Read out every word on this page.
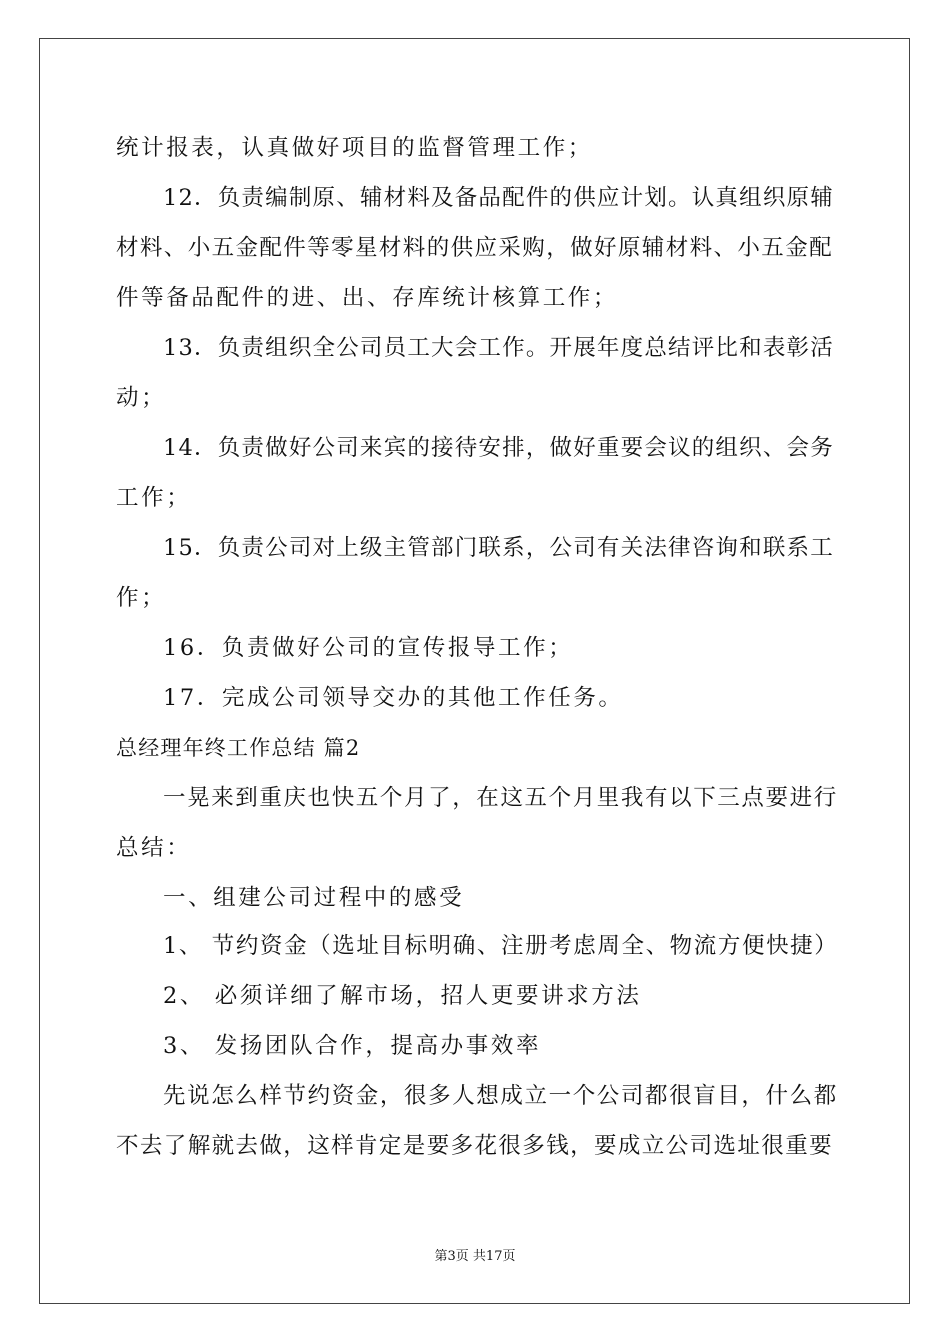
统计报表，认真做好项目的监督管理工作；
12．负责编制原、辅材料及备品配件的供应计划。认真组织原辅
材料、小五金配件等零星材料的供应采购，做好原辅材料、小五金配
件等备品配件的进、出、存库统计核算工作；
13．负责组织全公司员工大会工作。开展年度总结评比和表彰活
动；
14．负责做好公司来宾的接待安排，做好重要会议的组织、会务
工作；
15．负责公司对上级主管部门联系，公司有关法律咨询和联系工
作；
16．负责做好公司的宣传报导工作；
17．完成公司领导交办的其他工作任务。
总经理年终工作总结 篇2
一晃来到重庆也快五个月了，在这五个月里我有以下三点要进行
总结：
一、组建公司过程中的感受
1、 节约资金（选址目标明确、注册考虑周全、物流方便快捷）
2、 必须详细了解市场，招人更要讲求方法
3、 发扬团队合作，提高办事效率
先说怎么样节约资金，很多人想成立一个公司都很盲目，什么都
不去了解就去做，这样肯定是要多花很多钱，要成立公司选址很重要
第3页 共17页
